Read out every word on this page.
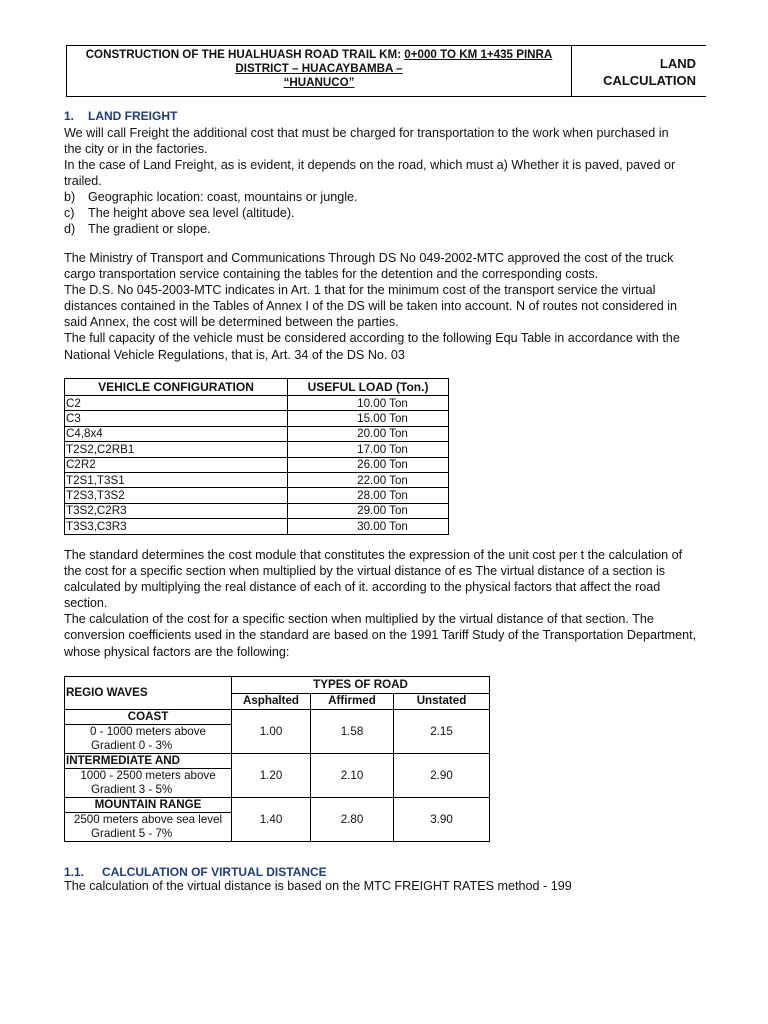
CONSTRUCTION OF THE HUALHUASH ROAD TRAIL KM: 0+000 TO KM 1+435 PINRA
DISTRICT – HUACAYBAMBA –
“HUANUCO”
LAND
CALCULATION
1. LAND FREIGHT
We will call Freight the additional cost that must be charged for transportation to the work when purchased in
the city or in the factories.
In the case of Land Freight, as is evident, it depends on the road, which must a) Whether it is paved, paved or
trailed.
b) Geographic location: coast, mountains or jungle.
c) The height above sea level (altitude).
d) The gradient or slope.
The Ministry of Transport and Communications Through DS No 049-2002-MTC approved the cost of the truck
cargo transportation service containing the tables for the detention and the corresponding costs.
The D.S. No 045-2003-MTC indicates in Art. 1 that for the minimum cost of the transport service the virtual
distances contained in the Tables of Annex I of the DS will be taken into account. N of routes not considered in
said Annex, the cost will be determined between the parties.
The full capacity of the vehicle must be considered according to the following Equ Table in accordance with the
National Vehicle Regulations, that is, Art. 34 of the DS No. 03
VEHICLE CONFIGURATION	USEFUL LOAD (Ton.)
C2	10.00 Ton
C3	15.00 Ton
C4,8x4	20.00 Ton
T2S2,C2RB1	17.00 Ton
C2R2	26.00 Ton
T2S1,T3S1	22.00 Ton
T2S3,T3S2	28.00 Ton
T3S2,C2R3	29.00 Ton
T3S3,C3R3	30.00 Ton
The standard determines the cost module that constitutes the expression of the unit cost per t the calculation of
the cost for a specific section when multiplied by the virtual distance of es The virtual distance of a section is
calculated by multiplying the real distance of each of it. according to the physical factors that affect the road
section.
The calculation of the cost for a specific section when multiplied by the virtual distance of that section. The
conversion coefficients used in the standard are based on the 1991 Tariff Study of the Transportation Department,
whose physical factors are the following:
REGIO WAVES	TYPES OF ROAD		
	Asphalted	Affirmed	Unstated
COAST	1.00	1.58	2.15
0 - 1000 meters above			
Gradient 0 - 3%			
INTERMEDIATE AND	1.20	2.10	2.90
1000 - 2500 meters above			
Gradient 3 - 5%			
MOUNTAIN RANGE	1.40	2.80	3.90
2500 meters above sea level			
Gradient 5 - 7%			
1.1. CALCULATION OF VIRTUAL DISTANCE
The calculation of the virtual distance is based on the MTC FREIGHT RATES method - 199
